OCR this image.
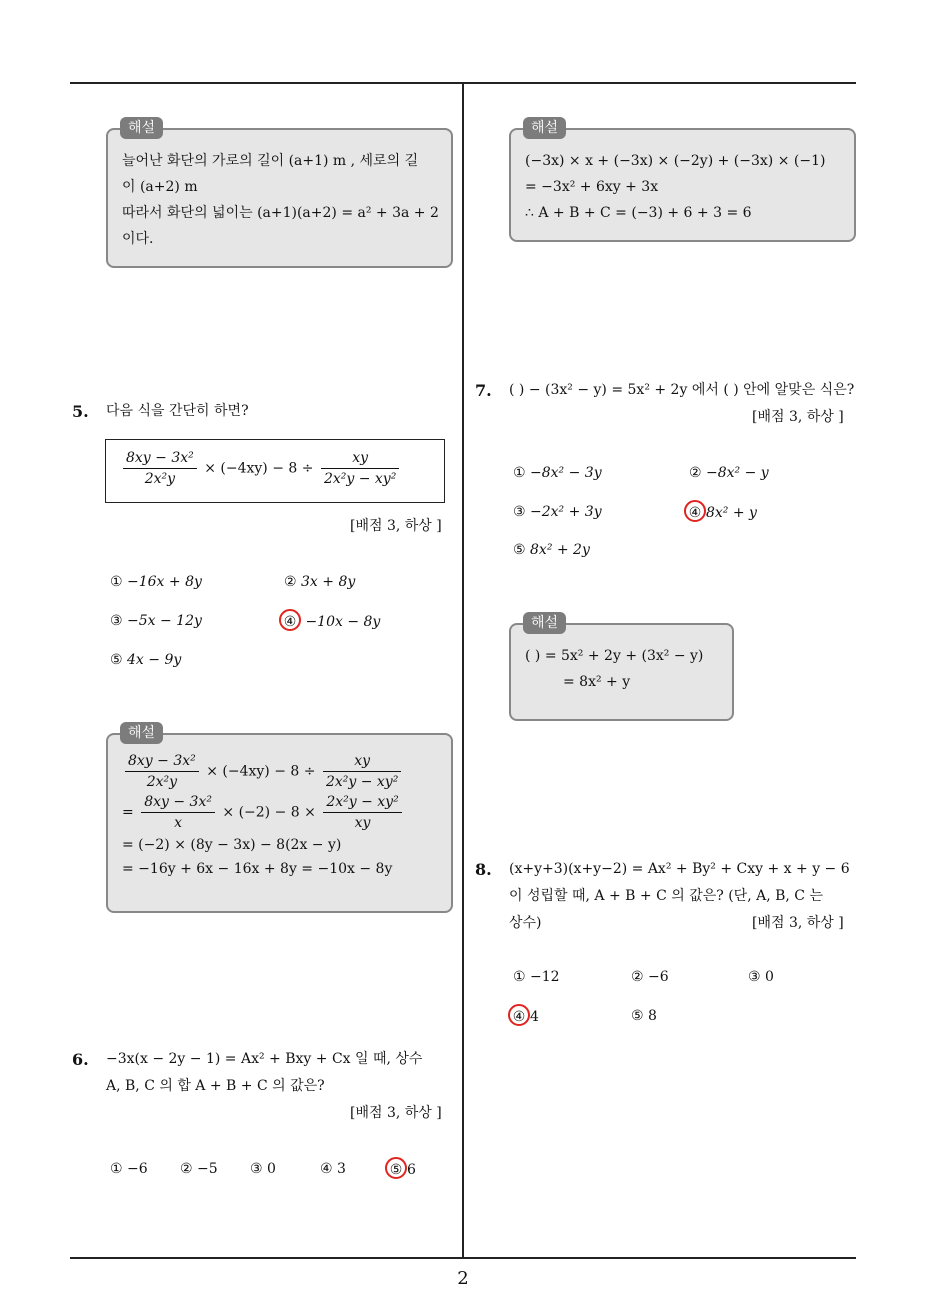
해설
늘어난 화단의 가로의 길이 (a+1) m , 세로의 길
이 (a+2) m
따라서 화단의 넓이는 (a+1)(a+2) = a² + 3a + 2
이다.
5. 다음 식을 간단히 하면?
$\frac{\text{8xy − 3x²}}{\text{2x²y}} \times (-4xy) - 8 \div \frac{xy}{\text{2x²y − xy²}}$
[배점 3, 하상 ]
① −16x + 8y	② 3x + 8y
③ −5x − 12y	④ −10x − 8y
⑤ 4x − 9y
해설
$\frac{\text{8xy − 3x²}}{\text{2x²y}} \times (-4xy) - 8 \div \frac{xy}{\text{2x²y − xy²}}$
= $\frac{\text{8xy − 3x²}}{x} \times (-2) - 8 \times \frac{\text{2x²y − xy²}}{xy}$
= (−2) × (8y − 3x) − 8(2x − y)
= −16y + 6x − 16x + 8y = −10x − 8y
6. −3x(x − 2y − 1) = Ax² + Bxy + Cx 일 때, 상수
A, B, C 의 합 A + B + C 의 값은?
[배점 3, 하상 ]
① −6 ② −5 ③ 0	④ 3	⑤ 6
해설
(−3x) × x + (−3x) × (−2y) + (−3x) × (−1)
= −3x² + 6xy + 3x
∴ A + B + C = (−3) + 6 + 3 = 6
7. ( ) − (3x² − y) = 5x² + 2y 에서 ( ) 안에 알맞은 식은?
[배점 3, 하상 ]
① −8x² − 3y	② −8x² − y
③ −2x² + 3y	④ 8x² + y
⑤ 8x² + 2y
해설
( ) = 5x² + 2y + (3x² − y)
= 8x² + y
8. (x+y+3)(x+y−2) = Ax² + By² + Cxy + x + y − 6
이 성립할 때, A + B + C 의 값은? (단, A, B, C 는
상수)	[배점 3, 하상 ]
① −12	② −6	③ 0
④ 4	⑤ 8
2
